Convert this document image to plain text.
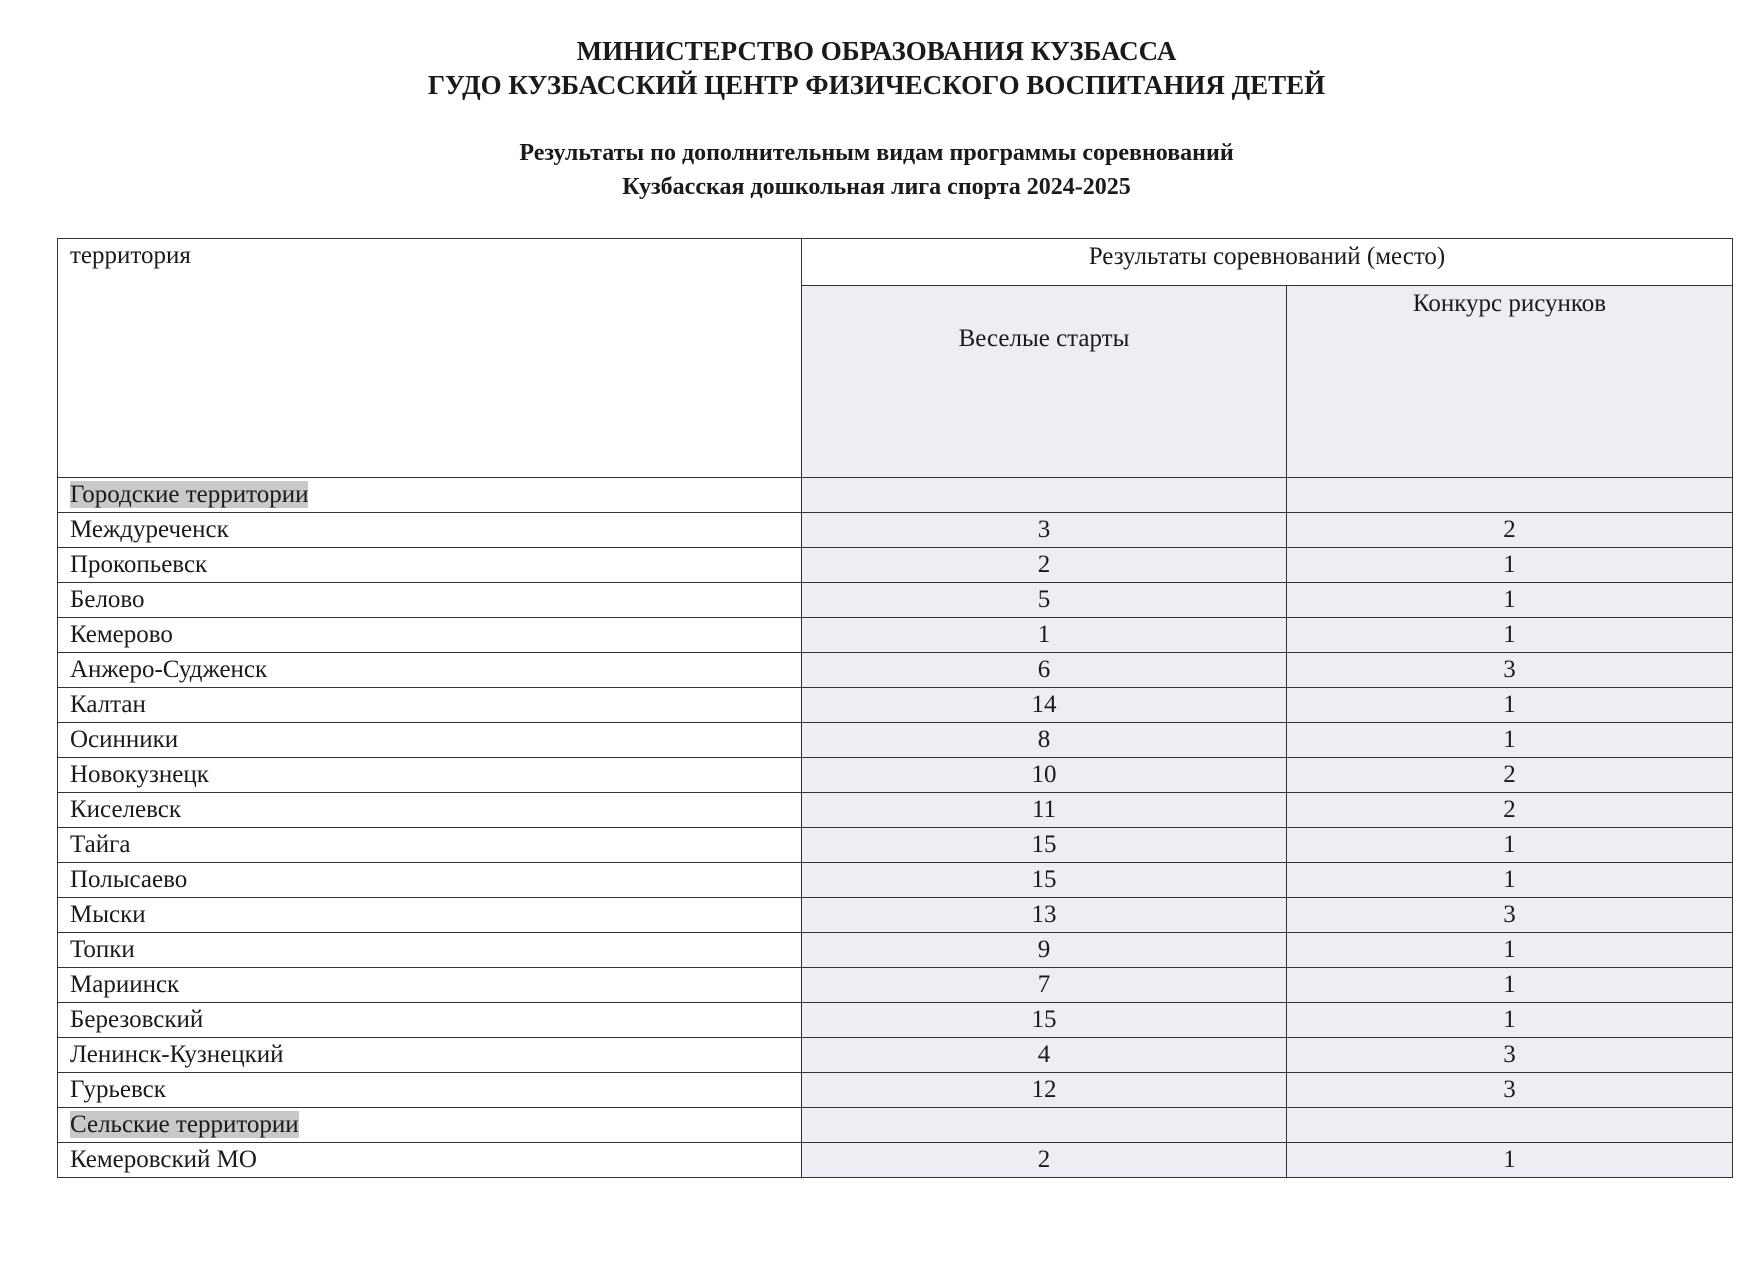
МИНИСТЕРСТВО ОБРАЗОВАНИЯ КУЗБАССА
ГУДО КУЗБАССКИЙ ЦЕНТР ФИЗИЧЕСКОГО ВОСПИТАНИЯ ДЕТЕЙ
Результаты по дополнительным видам программы соревнований
Кузбасская дошкольная лига спорта 2024-2025
территория	Результаты соревнований (место)	
	Веселые старты	Конкурс рисунков
Городские территории		
Междуреченск	3	2
Прокопьевск	2	1
Белово	5	1
Кемерово	1	1
Анжеро-Судженск	6	3
Калтан	14	1
Осинники	8	1
Новокузнецк	10	2
Киселевск	11	2
Тайга	15	1
Полысаево	15	1
Мыски	13	3
Топки	9	1
Мариинск	7	1
Березовский	15	1
Ленинск-Кузнецкий	4	3
Гурьевск	12	3
Сельские территории		
Кемеровский МО	2	1
